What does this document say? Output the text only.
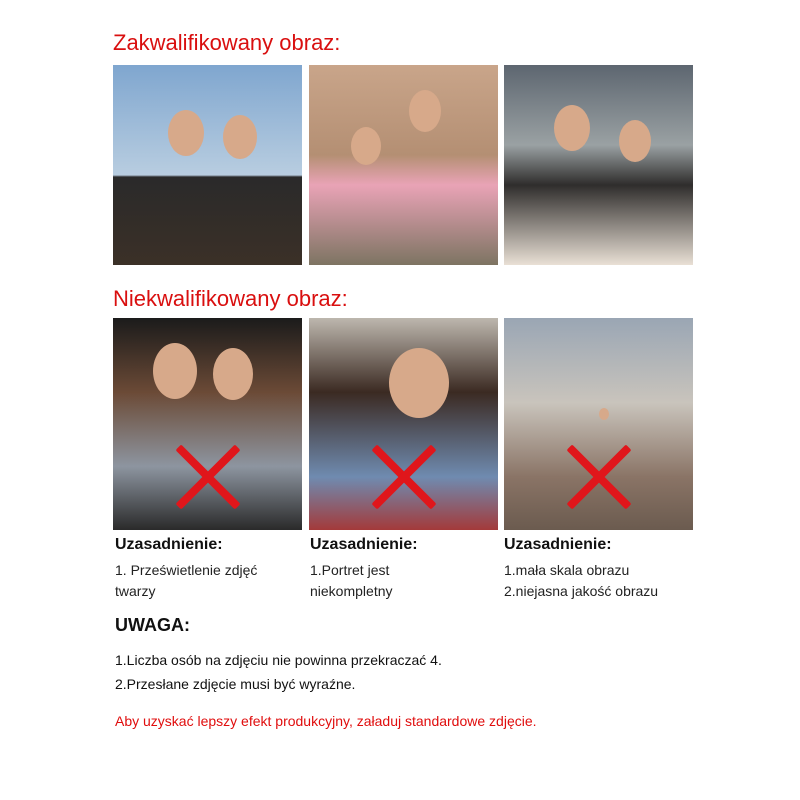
Zakwalifikowany obraz:
Niekwalifikowany obraz:
Uzasadnienie:
1. Prześwietlenie zdjęć twarzy
Uzasadnienie:
1.Portret jest niekompletny
Uzasadnienie:
1.mała skala obrazu
2.niejasna jakość obrazu
UWAGA:
1.Liczba osób na zdjęciu nie powinna przekraczać 4.
2.Przesłane zdjęcie musi być wyraźne.
Aby uzyskać lepszy efekt produkcyjny, załaduj standardowe zdjęcie.
